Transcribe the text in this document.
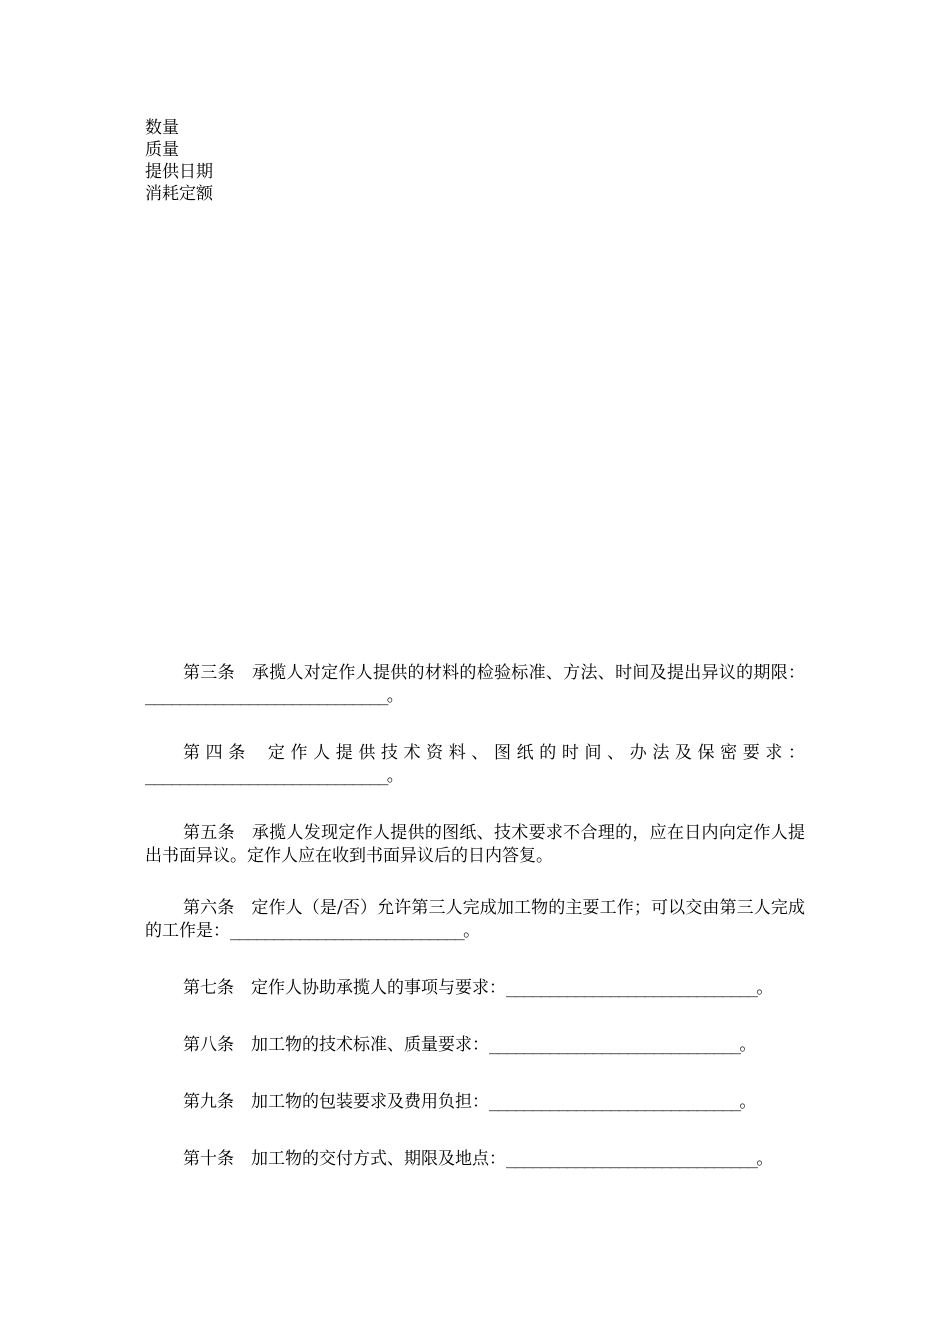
数量
质量
提供日期
消耗定额

第三条 承揽人对定作人提供的材料的检验标准、方法、时间及提出异议的期限：____________________________。

第四条 定作人提供技术资料、图纸的时间、办法及保密要求：____________________________。

第五条 承揽人发现定作人提供的图纸、技术要求不合理的，应在日内向定作人提出书面异议。定作人应在收到书面异议后的日内答复。

第六条 定作人（是/否）允许第三人完成加工物的主要工作；可以交由第三人完成的工作是：___________________________。

第七条 定作人协助承揽人的事项与要求：_____________________________。

第八条 加工物的技术标准、质量要求：_____________________________。

第九条 加工物的包装要求及费用负担：_____________________________。

第十条 加工物的交付方式、期限及地点：_____________________________。
